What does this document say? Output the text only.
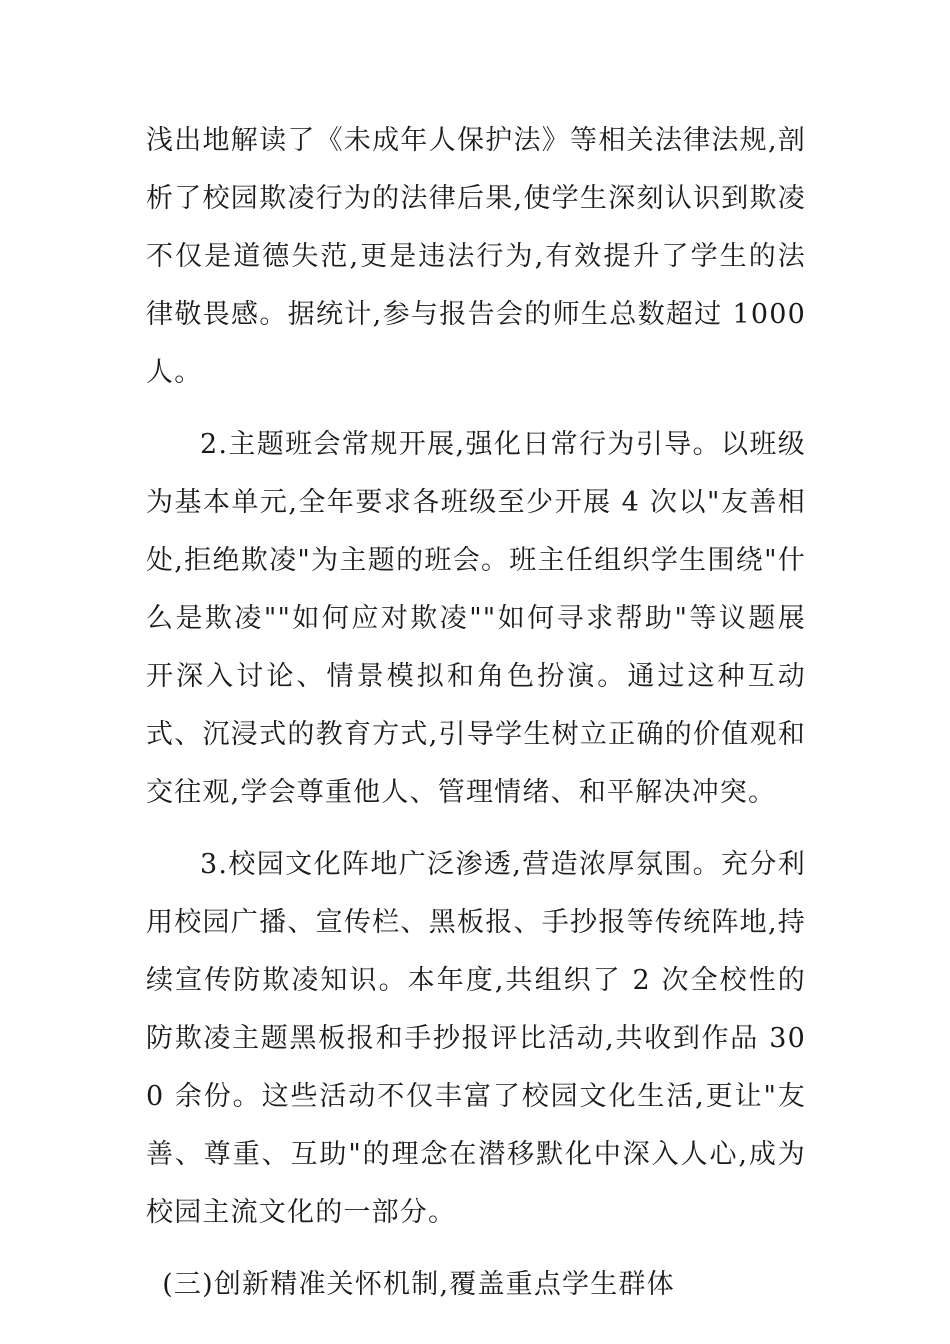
浅出地解读了《未成年人保护法》等相关法律法规,剖析了校园欺凌行为的法律后果,使学生深刻认识到欺凌不仅是道德失范,更是违法行为,有效提升了学生的法律敬畏感。据统计,参与报告会的师生总数超过 1000 人。

2.主题班会常规开展,强化日常行为引导。以班级为基本单元,全年要求各班级至少开展 4 次以"友善相处,拒绝欺凌"为主题的班会。班主任组织学生围绕"什么是欺凌""如何应对欺凌""如何寻求帮助"等议题展开深入讨论、情景模拟和角色扮演。通过这种互动式、沉浸式的教育方式,引导学生树立正确的价值观和交往观,学会尊重他人、管理情绪、和平解决冲突。

3.校园文化阵地广泛渗透,营造浓厚氛围。充分利用校园广播、宣传栏、黑板报、手抄报等传统阵地,持续宣传防欺凌知识。本年度,共组织了 2 次全校性的防欺凌主题黑板报和手抄报评比活动,共收到作品 300 余份。这些活动不仅丰富了校园文化生活,更让"友善、尊重、互助"的理念在潜移默化中深入人心,成为校园主流文化的一部分。

(三)创新精准关怀机制,覆盖重点学生群体
